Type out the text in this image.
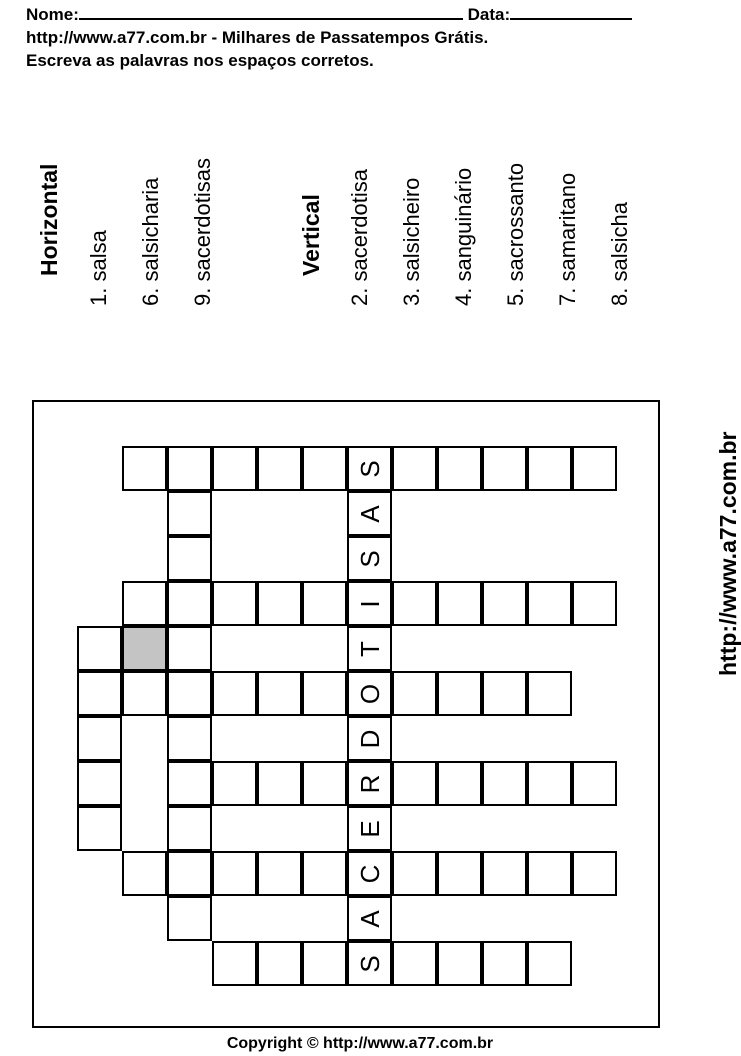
Nome:	Data:
http://www.a77.com.br - Milhares de Passatempos Grátis.
Escreva as palavras nos espaços corretos.
Horizontal 1. salsa 6. salsicharia 9. sacerdotisas	Vertical 2. sacerdotisa 3. salsicheiro 4. sanguinário 5. sacrossanto 7. samaritano 8. salsicha
S
A
S
I
T
O
D
R
E
C
A
S
http://www.a77.com.br
Copyright © http://www.a77.com.br
